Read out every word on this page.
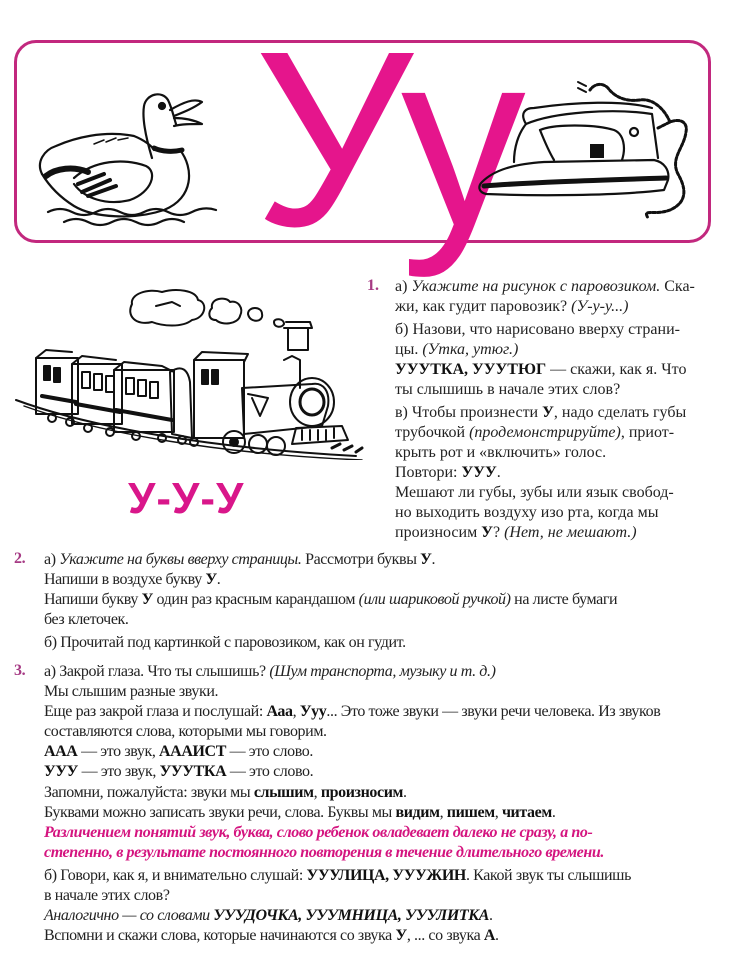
Уу
У-У-У
1. а) Укажите на рисунок с паровозиком. Ска-
жи, как гудит паровозик? (У-у-у...)
б) Назови, что нарисовано вверху страни-
цы. (Утка, утюг.)
УУУТКА, УУУТЮГ — скажи, как я. Что
ты слышишь в начале этих слов?
в) Чтобы произнести У, надо сделать губы
трубочкой (продемонстрируйте), приот-
крыть рот и «включить» голос.
Повтори: УУУ.
Мешают ли губы, зубы или язык свобод-
но выходить воздуху изо рта, когда мы
произносим У? (Нет, не мешают.)
2. а) Укажите на буквы вверху страницы. Рассмотри буквы У.
Напиши в воздухе букву У.
Напиши букву У один раз красным карандашом (или шариковой ручкой) на листе бумаги
без клеточек.
б) Прочитай под картинкой с паровозиком, как он гудит.
3. а) Закрой глаза. Что ты слышишь? (Шум транспорта, музыку и т. д.)
Мы слышим разные звуки.
Еще раз закрой глаза и послушай: Ааа, Ууу... Это тоже звуки — звуки речи человека. Из звуков
составляются слова, которыми мы говорим.
ААА — это звук, АААИСТ — это слово.
УУУ — это звук, УУУТКА — это слово.
Запомни, пожалуйста: звуки мы слышим, произносим.
Буквами можно записать звуки речи, слова. Буквы мы видим, пишем, читаем.
Различением понятий звук, буква, слово ребенок овладевает далеко не сразу, а по-
степенно, в результате постоянного повторения в течение длительного времени.
б) Говори, как я, и внимательно слушай: УУУЛИЦА, УУУЖИН. Какой звук ты слышишь
в начале этих слов?
Аналогично — со словами УУУДОЧКА, УУУМНИЦА, УУУЛИТКА.
Вспомни и скажи слова, которые начинаются со звука У, ... со звука А.
